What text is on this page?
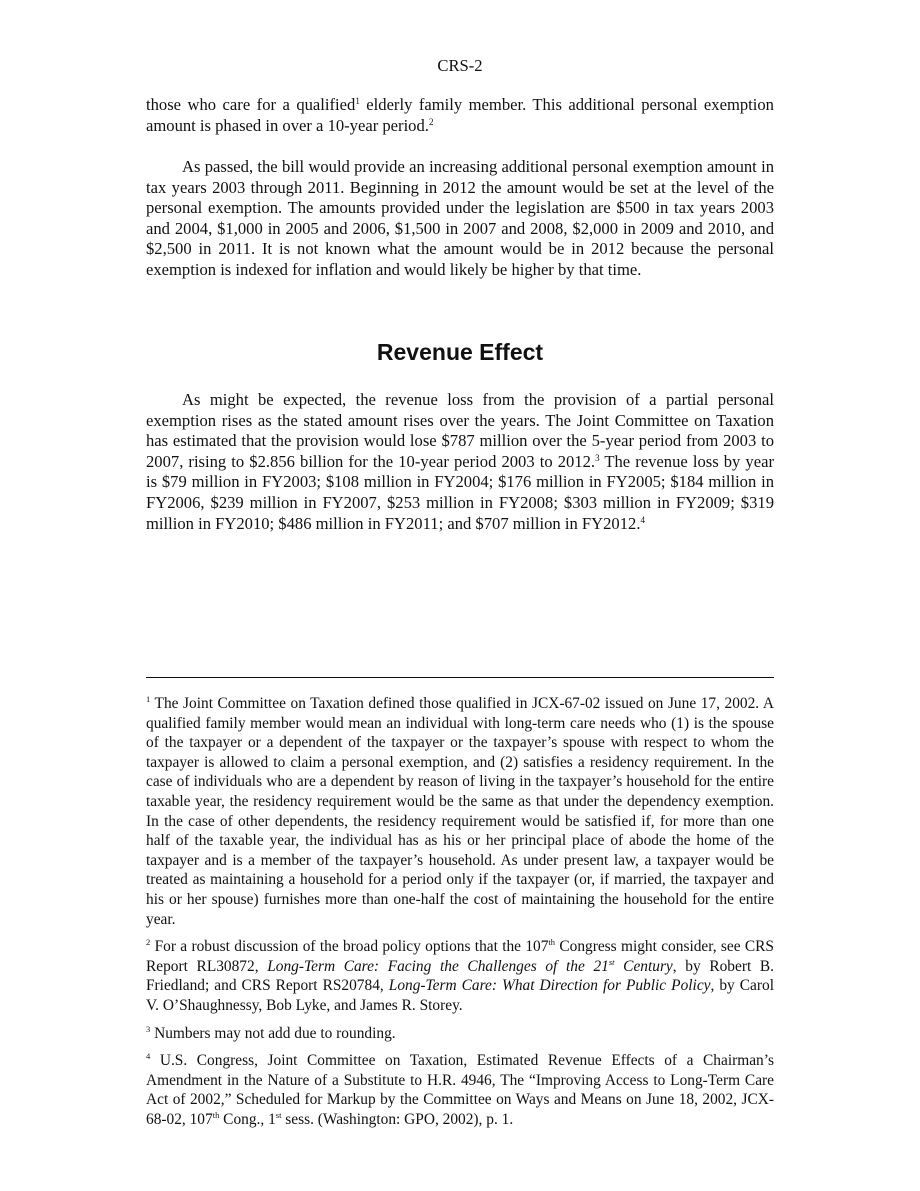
CRS-2

those who care for a qualified$^1$ elderly family member. This additional personal exemption amount is phased in over a 10-year period.$^2$

As passed, the bill would provide an increasing additional personal exemption amount in tax years 2003 through 2011. Beginning in 2012 the amount would be set at the level of the personal exemption. The amounts provided under the legislation are $500 in tax years 2003 and 2004, $1,000 in 2005 and 2006, $1,500 in 2007 and 2008, $2,000 in 2009 and 2010, and $2,500 in 2011. It is not known what the amount would be in 2012 because the personal exemption is indexed for inflation and would likely be higher by that time.

Revenue Effect

As might be expected, the revenue loss from the provision of a partial personal exemption rises as the stated amount rises over the years. The Joint Committee on Taxation has estimated that the provision would lose $787 million over the 5-year period from 2003 to 2007, rising to $2.856 billion for the 10-year period 2003 to 2012.$^3$ The revenue loss by year is $79 million in FY2003; $108 million in FY2004; $176 million in FY2005; $184 million in FY2006, $239 million in FY2007, $253 million in FY2008; $303 million in FY2009; $319 million in FY2010; $486 million in FY2011; and $707 million in FY2012.$^4$

$^1$ The Joint Committee on Taxation defined those qualified in JCX-67-02 issued on June 17, 2002. A qualified family member would mean an individual with long-term care needs who (1) is the spouse of the taxpayer or a dependent of the taxpayer or the taxpayer’s spouse with respect to whom the taxpayer is allowed to claim a personal exemption, and (2) satisfies a residency requirement. In the case of individuals who are a dependent by reason of living in the taxpayer’s household for the entire taxable year, the residency requirement would be the same as that under the dependency exemption. In the case of other dependents, the residency requirement would be satisfied if, for more than one half of the taxable year, the individual has as his or her principal place of abode the home of the taxpayer and is a member of the taxpayer’s household. As under present law, a taxpayer would be treated as maintaining a household for a period only if the taxpayer (or, if married, the taxpayer and his or her spouse) furnishes more than one-half the cost of maintaining the household for the entire year.

$^2$ For a robust discussion of the broad policy options that the 107th Congress might consider, see CRS Report RL30872, Long-Term Care: Facing the Challenges of the 21st Century, by Robert B. Friedland; and CRS Report RS20784, Long-Term Care: What Direction for Public Policy, by Carol V. O’Shaughnessy, Bob Lyke, and James R. Storey.

$^3$ Numbers may not add due to rounding.

$^4$ U.S. Congress, Joint Committee on Taxation, Estimated Revenue Effects of a Chairman’s Amendment in the Nature of a Substitute to H.R. 4946, The “Improving Access to Long-Term Care Act of 2002,” Scheduled for Markup by the Committee on Ways and Means on June 18, 2002, JCX-68-02, 107th Cong., 1st sess. (Washington: GPO, 2002), p. 1.
